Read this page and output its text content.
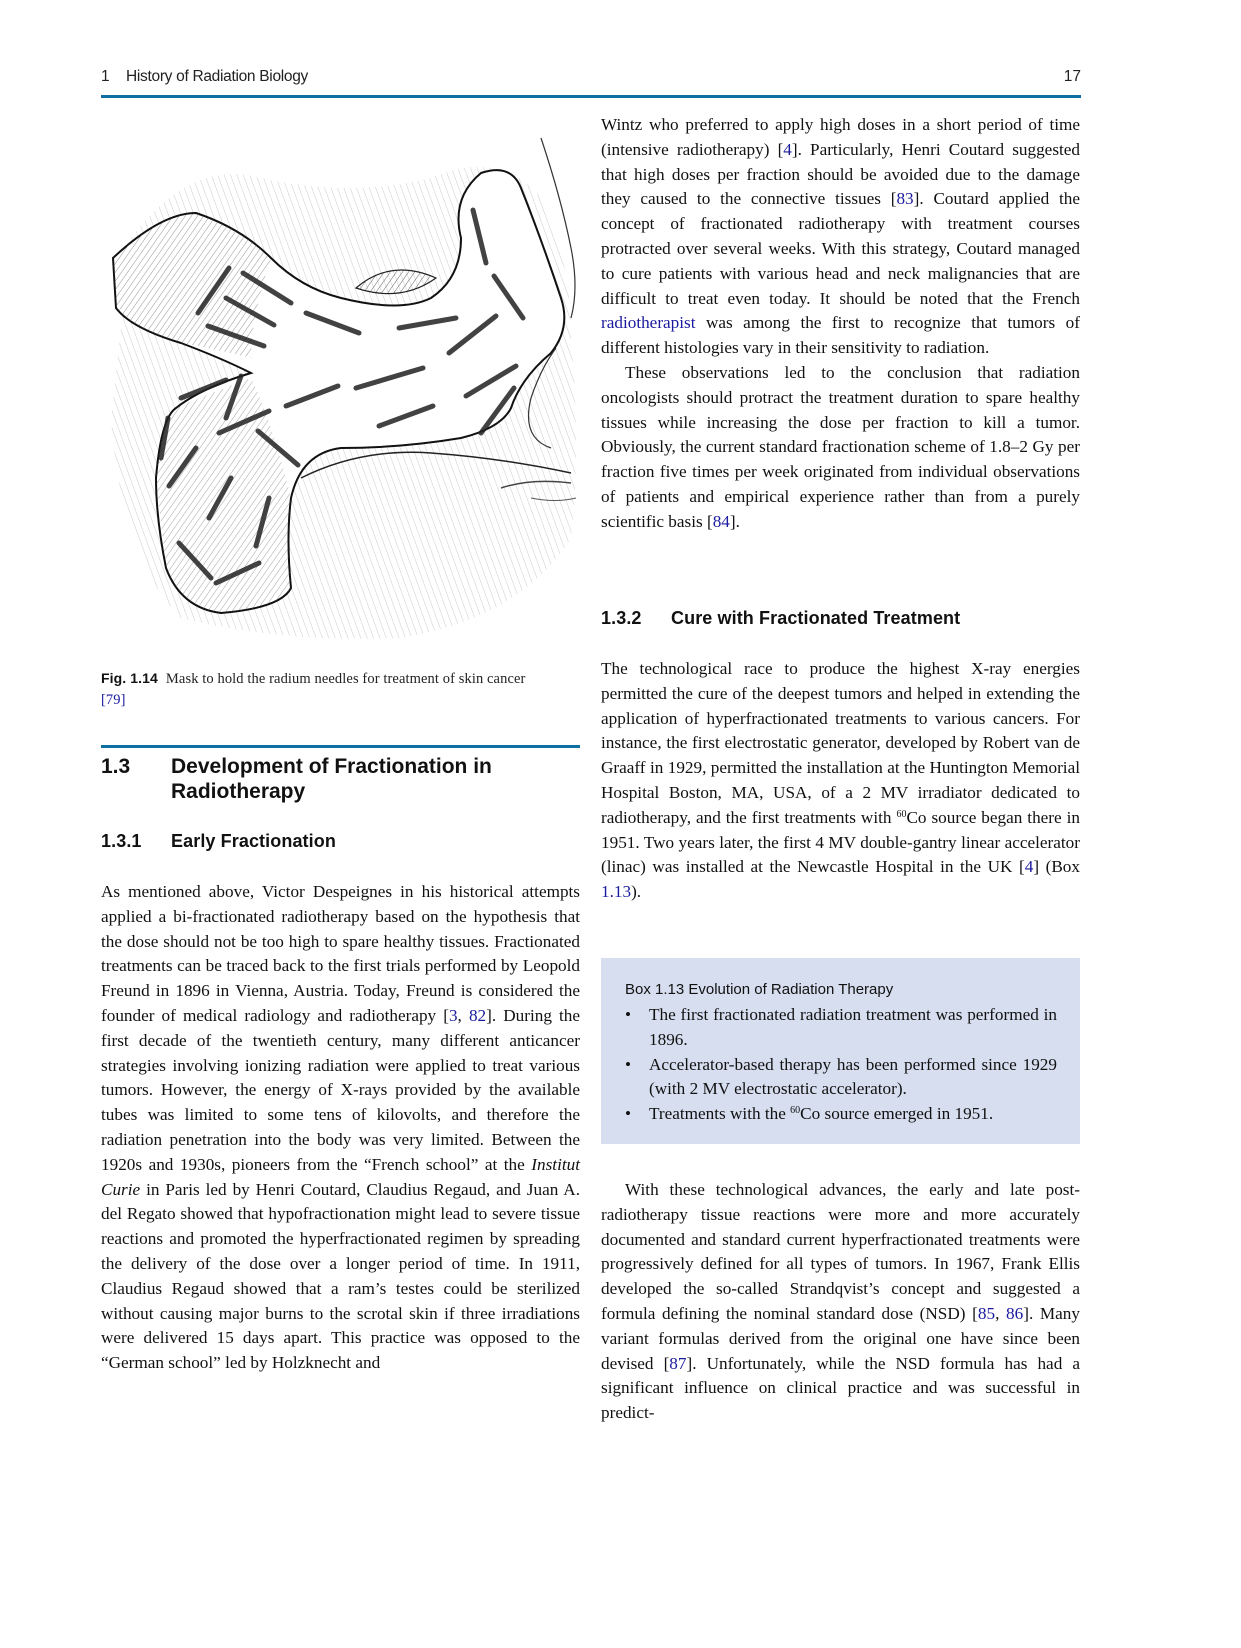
1 History of Radiation Biology	17
Fig. 1.14 Mask to hold the radium needles for treatment of skin cancer
[79]
1.3 Development of Fractionation in Radiotherapy
1.3.1 Early Fractionation

As mentioned above, Victor Despeignes in his historical attempts applied a bi-fractionated radiotherapy based on the hypothesis that the dose should not be too high to spare healthy tissues. Fractionated treatments can be traced back to the first trials performed by Leopold Freund in 1896 in Vienna, Austria. Today, Freund is considered the founder of medical radiology and radiotherapy [3, 82]. During the first decade of the twentieth century, many different anticancer strategies involving ionizing radiation were applied to treat various tumors. However, the energy of X-rays provided by the available tubes was limited to some tens of kilovolts, and therefore the radiation penetration into the body was very limited. Between the 1920s and 1930s, pioneers from the “French school” at the Institut Curie in Paris led by Henri Coutard, Claudius Regaud, and Juan A. del Regato showed that hypofractionation might lead to severe tissue reactions and promoted the hyperfractionated regimen by spreading the delivery of the dose over a longer period of time. In 1911, Claudius Regaud showed that a ram’s testes could be sterilized without causing major burns to the scrotal skin if three irradiations were delivered 15 days apart. This practice was opposed to the “German school” led by Holzknecht and

Wintz who preferred to apply high doses in a short period of time (intensive radiotherapy) [4]. Particularly, Henri Coutard suggested that high doses per fraction should be avoided due to the damage they caused to the connective tissues [83]. Coutard applied the concept of fractionated radiotherapy with treatment courses protracted over several weeks. With this strategy, Coutard managed to cure patients with various head and neck malignancies that are difficult to treat even today. It should be noted that the French radiotherapist was among the first to recognize that tumors of different histologies vary in their sensitivity to radiation.

These observations led to the conclusion that radiation oncologists should protract the treatment duration to spare healthy tissues while increasing the dose per fraction to kill a tumor. Obviously, the current standard fractionation scheme of 1.8–2 Gy per fraction five times per week originated from individual observations of patients and empirical experience rather than from a purely scientific basis [84].

1.3.2 Cure with Fractionated Treatment

The technological race to produce the highest X-ray energies permitted the cure of the deepest tumors and helped in extending the application of hyperfractionated treatments to various cancers. For instance, the first electrostatic generator, developed by Robert van de Graaff in 1929, permitted the installation at the Huntington Memorial Hospital Boston, MA, USA, of a 2 MV irradiator dedicated to radiotherapy, and the first treatments with $^{60}$Co source began there in 1951. Two years later, the first 4 MV double-gantry linear accelerator (linac) was installed at the Newcastle Hospital in the UK [4] (Box 1.13).

Box 1.13 Evolution of Radiation Therapy
• The first fractionated radiation treatment was performed in 1896.
• Accelerator-based therapy has been performed since 1929 (with 2 MV electrostatic accelerator).
• Treatments with the $^{60}$Co source emerged in 1951.

With these technological advances, the early and late post-radiotherapy tissue reactions were more and more accurately documented and standard current hyperfractionated treatments were progressively defined for all types of tumors. In 1967, Frank Ellis developed the so-called Strandqvist’s concept and suggested a formula defining the nominal standard dose (NSD) [85, 86]. Many variant formulas derived from the original one have since been devised [87]. Unfortunately, while the NSD formula has had a significant influence on clinical practice and was successful in predict-
